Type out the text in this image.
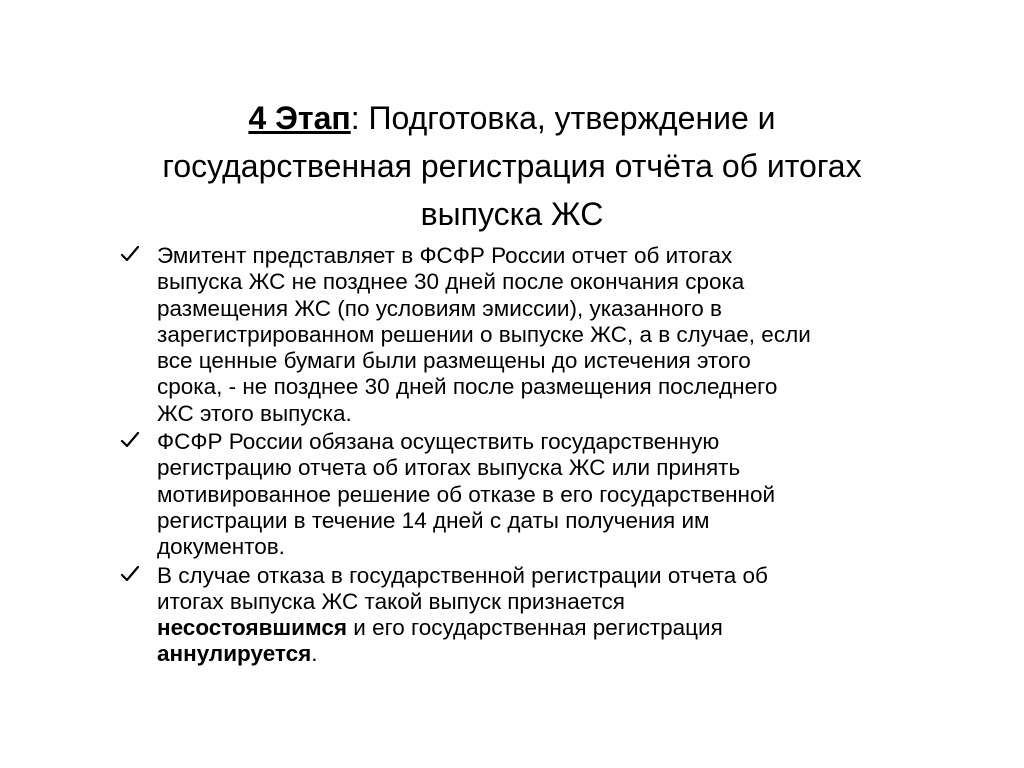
4 Этап: Подготовка, утверждение и
государственная регистрация отчёта об итогах
выпуска ЖС
Эмитент представляет в ФСФР России отчет об итогах
выпуска ЖС не позднее 30 дней после окончания срока
размещения ЖС (по условиям эмиссии), указанного в
зарегистрированном решении о выпуске ЖС, а в случае, если
все ценные бумаги были размещены до истечения этого
срока, - не позднее 30 дней после размещения последнего
ЖС этого выпуска.
ФСФР России обязана осуществить государственную
регистрацию отчета об итогах выпуска ЖС или принять
мотивированное решение об отказе в его государственной
регистрации в течение 14 дней с даты получения им
документов.
В случае отказа в государственной регистрации отчета об
итогах выпуска ЖС такой выпуск признается
несостоявшимся и его государственная регистрация
аннулируется.
